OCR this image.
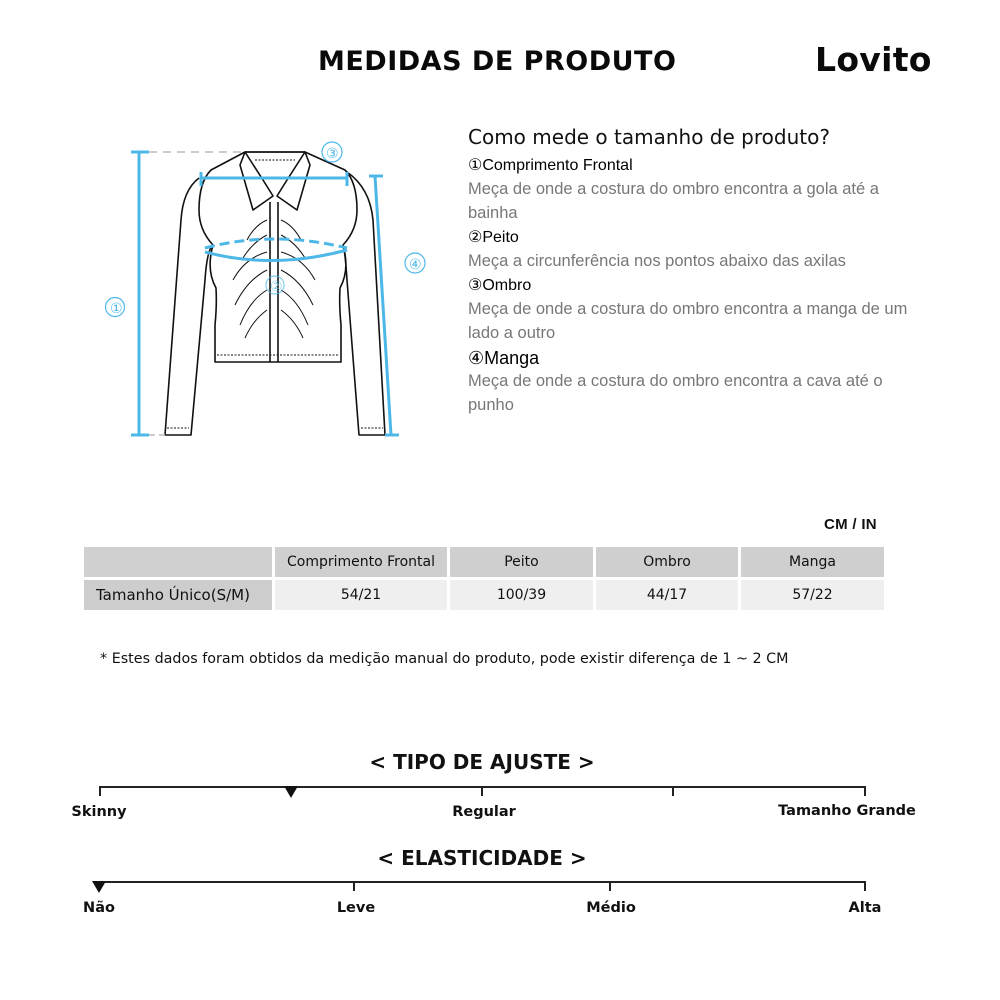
MEDIDAS DE PRODUTO	Lovito
①
②
③
④
Como mede o tamanho de produto?
①Comprimento Frontal
Meça de onde a costura do ombro encontra a gola até a bainha
②Peito
Meça a circunferência nos pontos abaixo das axilas
③Ombro
Meça de onde a costura do ombro encontra a manga de um lado a outro
④Manga
Meça de onde a costura do ombro encontra a cava até o punho
CM / IN
	Comprimento Frontal	Peito	Ombro	Manga
Tamanho Único(S/M)	54/21	100/39	44/17	57/22
* Estes dados foram obtidos da medição manual do produto, pode existir diferença de 1 ~ 2 CM
< TIPO DE AJUSTE >
Skinny	Regular	Tamanho Grande
< ELASTICIDADE >
Não	Leve	Médio	Alta
